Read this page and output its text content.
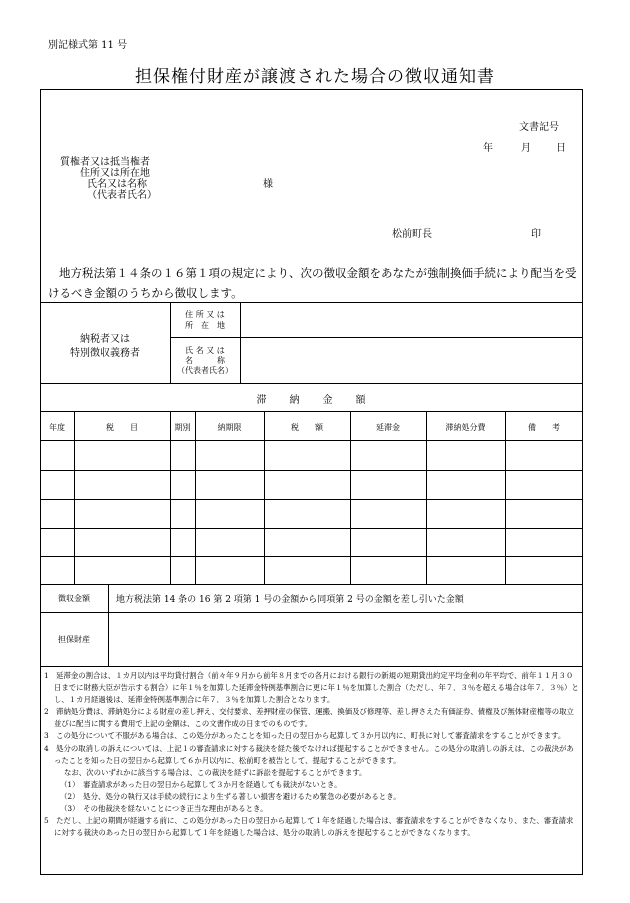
別記様式第 11 号
担保権付財産が譲渡された場合の徴収通知書
文書記号
年	月	日
質権者又は抵当権者
住所又は所在地
氏名又は名称
（代表者氏名）
様
松前町長	印
地方税法第１４条の１６第１項の規定により、次の徴収金額をあなたが強制換価手続により配当を受けるべき金額のうちから徴収します。
納税者又は
特別徴収義務者
住 所 又 は
所　在　地
氏 名 又 は
名　　　称
（代表者氏名）
滞　　納　　金　　額
年度	税　　目	期別	納期限	税　　額	延滞金	滞納処分費	備　　考
徴収金額	地方税法第 14 条の 16 第 2 項第 1 号の金額から同項第 2 号の金額を差し引いた金額
担保財産

1　延滞金の割合は、１カ月以内は平均貸付割合（前々年９月から前年８月までの各月における銀行の新規の短期貸出約定平均金利の年平均で、前年１１月３０日までに財務大臣が告示する割合）に年１％を加算した延滞金特例基準割合に更に年１％を加算した割合（ただし、年７．３％を超える場合は年７．３％）とし、１カ月経過後は、延滞金特例基準割合に年７．３％を加算した割合となります。

2　滞納処分費は、滞納処分による財産の差し押え、交付要求、差押財産の保管、運搬、換価及び修理等、差し押さえた有価証券、債権及び無体財産権等の取立並びに配当に関する費用で上記の金額は、この文書作成の日までのものです。

3　この処分について不服がある場合は、この処分があったことを知った日の翌日から起算して３か月以内に、町長に対して審査請求をすることができます。

4　処分の取消しの訴えについては、上記１の審査請求に対する裁決を経た後でなければ提起することができません。この処分の取消しの訴えは、この裁決があったことを知った日の翌日から起算して６か月以内に、松前町を被告として、提起することができます。

なお、次のいずれかに該当する場合は、この裁決を経ずに訴訟を提起することができます。

（1）　審査請求があった日の翌日から起算して３か月を経過しても裁決がないとき。

（2）　処分、処分の執行又は手続の続行により生ずる著しい損害を避けるため緊急の必要があるとき。

（3）　その他裁決を経ないことにつき正当な理由があるとき。

5　ただし、上記の期間が経過する前に、この処分があった日の翌日から起算して１年を経過した場合は、審査請求をすることができなくなり、また、審査請求に対する裁決のあった日の翌日から起算して１年を経過した場合は、処分の取消しの訴えを提起することができなくなります。
